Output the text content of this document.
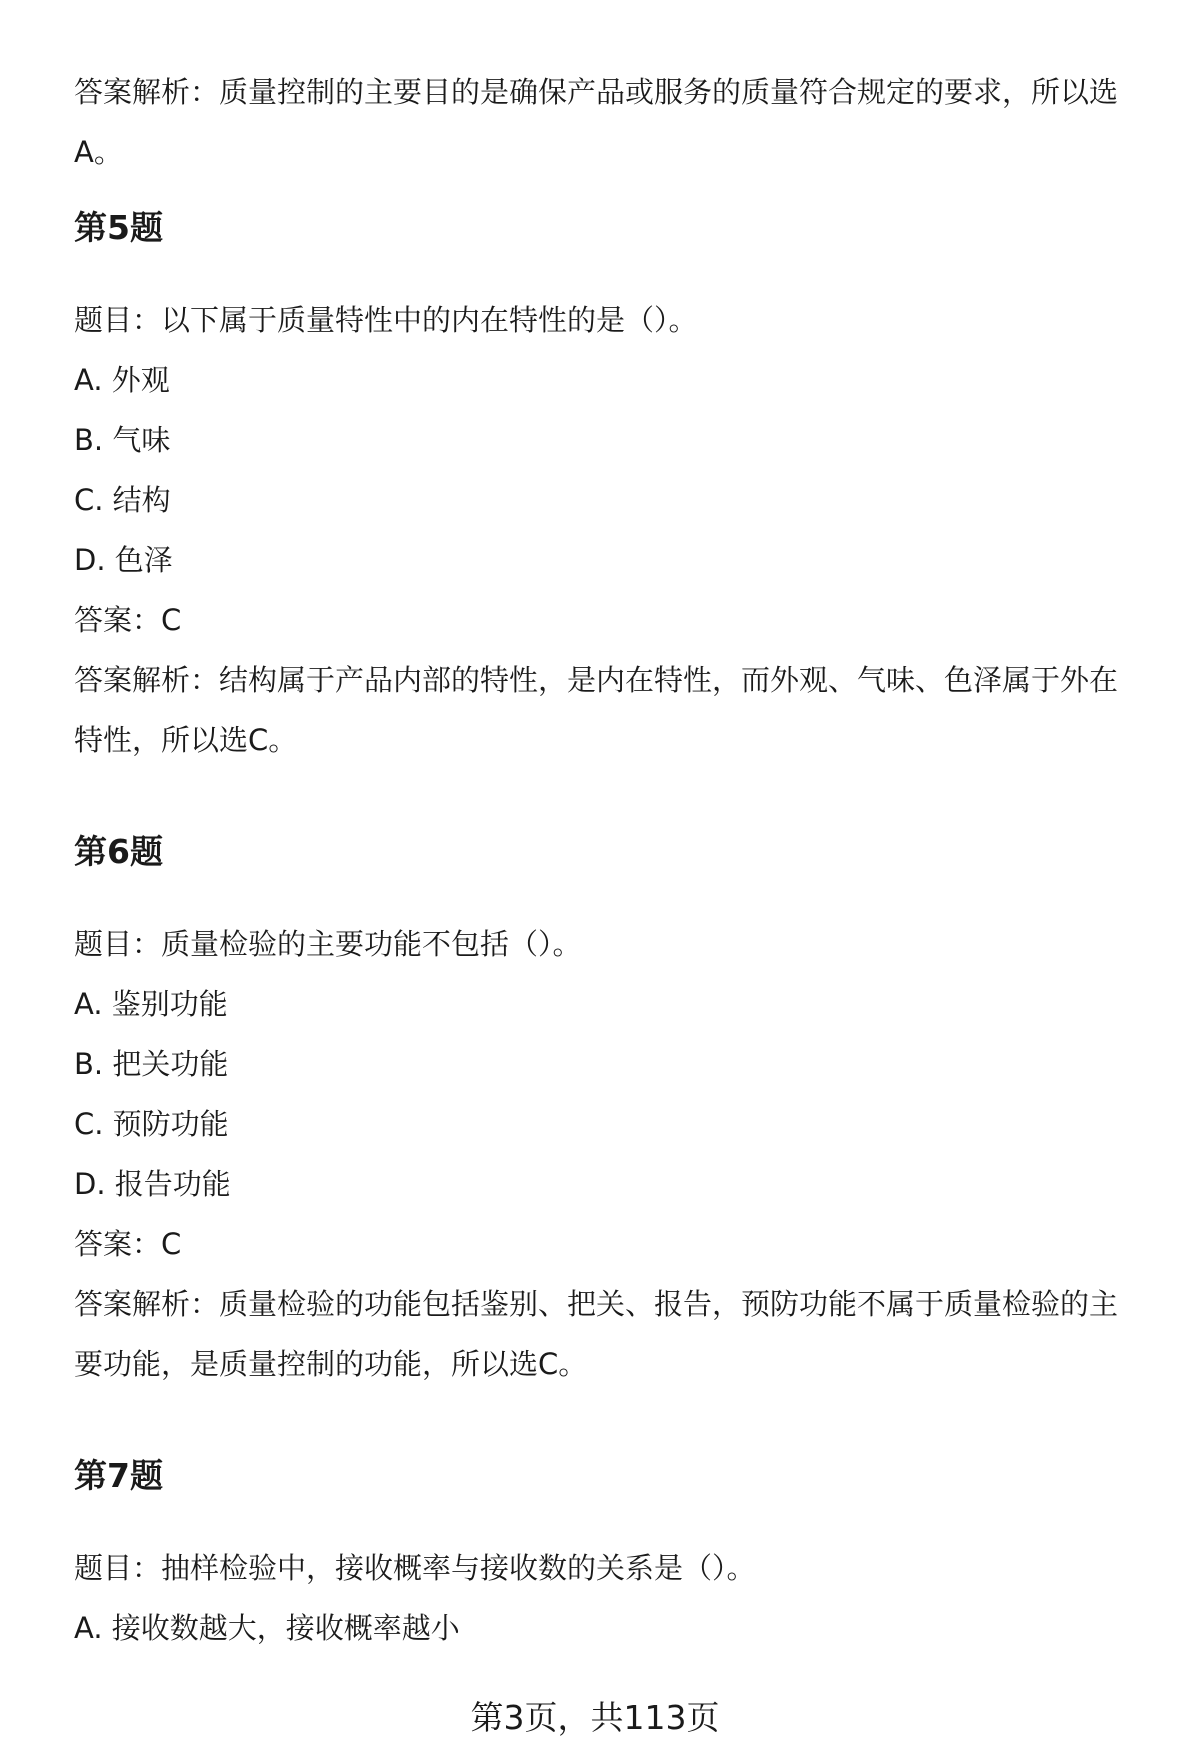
答案解析：质量控制的主要目的是确保产品或服务的质量符合规定的要求，所以选
A。
第5题
题目：以下属于质量特性中的内在特性的是（）。
A. 外观
B. 气味
C. 结构
D. 色泽
答案：C
答案解析：结构属于产品内部的特性，是内在特性，而外观、气味、色泽属于外在
特性，所以选C。
第6题
题目：质量检验的主要功能不包括（）。
A. 鉴别功能
B. 把关功能
C. 预防功能
D. 报告功能
答案：C
答案解析：质量检验的功能包括鉴别、把关、报告，预防功能不属于质量检验的主
要功能，是质量控制的功能，所以选C。
第7题
题目：抽样检验中，接收概率与接收数的关系是（）。
A. 接收数越大，接收概率越小
第3页，共113页
